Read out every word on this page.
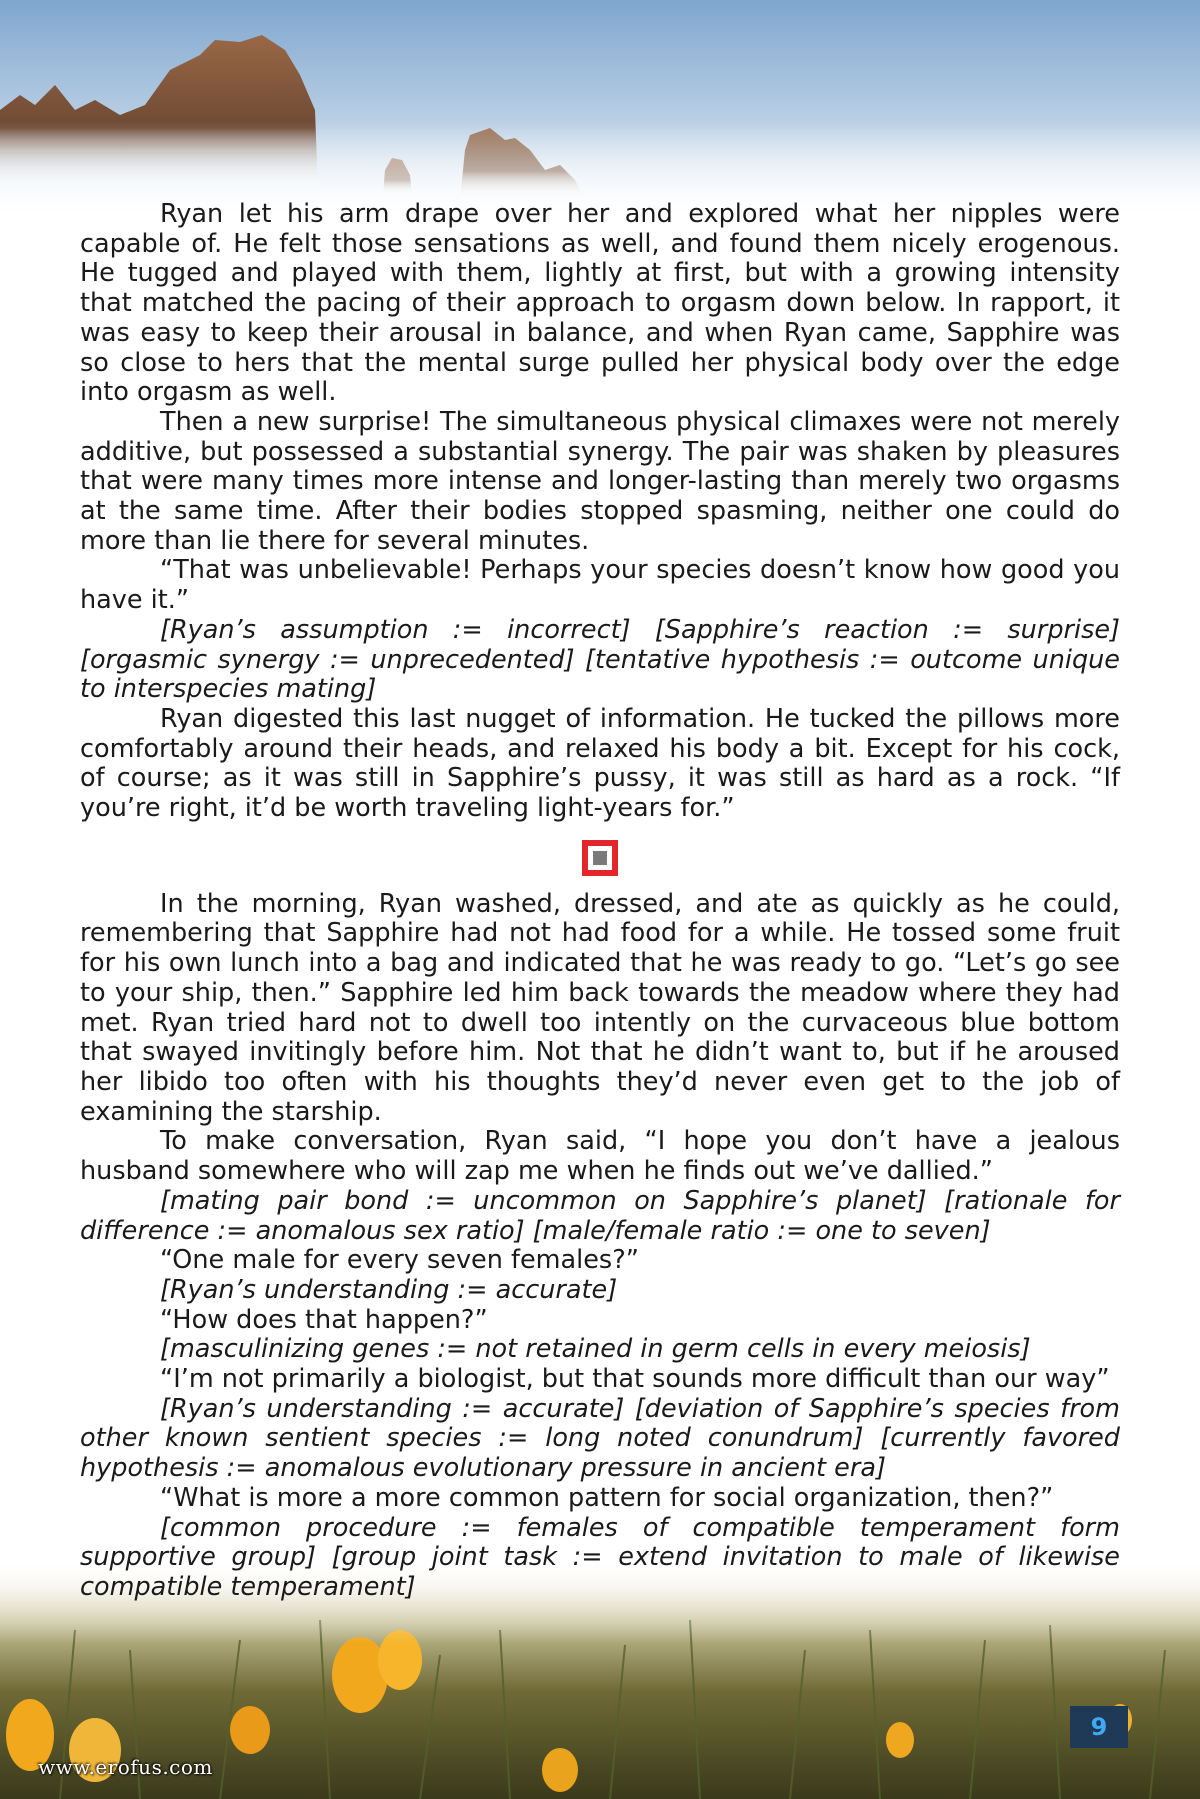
Ryan let his arm drape over her and explored what her nipples were capable of. He felt those sensations as well, and found them nicely erogenous. He tugged and played with them, lightly at first, but with a growing intensity that matched the pacing of their approach to orgasm down below. In rapport, it was easy to keep their arousal in balance, and when Ryan came, Sapphire was so close to hers that the mental surge pulled her physical body over the edge into orgasm as well.

Then a new surprise! The simultaneous physical climaxes were not merely additive, but possessed a substantial synergy. The pair was shaken by pleasures that were many times more intense and longer-lasting than merely two orgasms at the same time. After their bodies stopped spasming, neither one could do more than lie there for several minutes.

“That was unbelievable! Perhaps your species doesn’t know how good you have it.”

[Ryan’s assumption := incorrect] [Sapphire’s reaction := surprise] [orgasmic synergy := unprecedented] [tentative hypothesis := outcome unique to interspecies mating]

Ryan digested this last nugget of information. He tucked the pillows more comfortably around their heads, and relaxed his body a bit. Except for his cock, of course; as it was still in Sapphire’s pussy, it was still as hard as a rock. “If you’re right, it’d be worth traveling light-years for.”

In the morning, Ryan washed, dressed, and ate as quickly as he could, remembering that Sapphire had not had food for a while. He tossed some fruit for his own lunch into a bag and indicated that he was ready to go. “Let’s go see to your ship, then.” Sapphire led him back towards the meadow where they had met. Ryan tried hard not to dwell too intently on the curvaceous blue bottom that swayed invitingly before him. Not that he didn’t want to, but if he aroused her libido too often with his thoughts they’d never even get to the job of examining the starship.

To make conversation, Ryan said, “I hope you don’t have a jealous husband somewhere who will zap me when he finds out we’ve dallied.”

[mating pair bond := uncommon on Sapphire’s planet] [rationale for difference := anomalous sex ratio] [male/female ratio := one to seven]

“One male for every seven females?”

[Ryan’s understanding := accurate]

“How does that happen?”

[masculinizing genes := not retained in germ cells in every meiosis]

“I’m not primarily a biologist, but that sounds more difficult than our way”

[Ryan’s understanding := accurate] [deviation of Sapphire’s species from other known sentient species := long noted conundrum] [currently favored hypothesis := anomalous evolutionary pressure in ancient era]

“What is more a more common pattern for social organization, then?”

[common procedure := females of compatible temperament form supportive group] [group joint task := extend invitation to male of likewise compatible temperament]

9
www.erofus.com
